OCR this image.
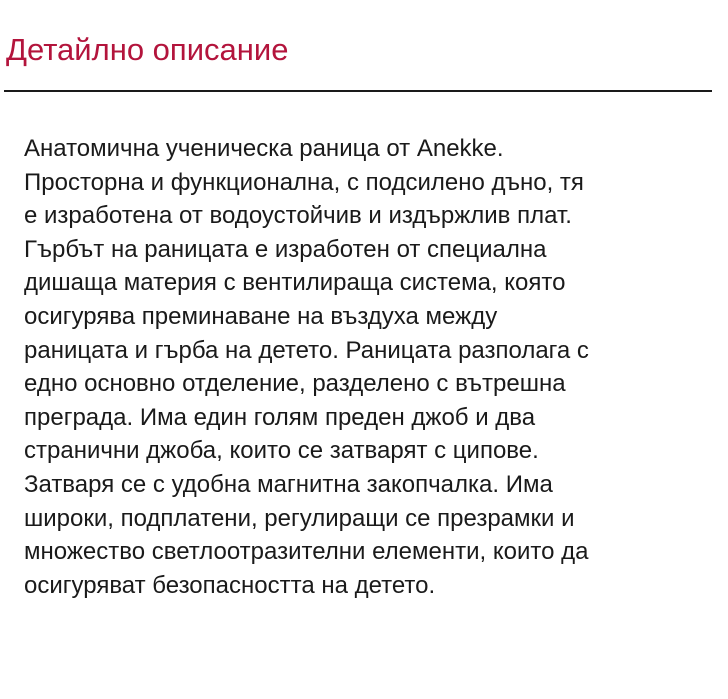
Детайлно описание

Анатомична ученическа раница от Anekke.
Просторна и функционална, с подсилено дъно, тя
е изработена от водоустойчив и издържлив плат.
Гърбът на раницата е изработен от специална
дишаща материя с вентилираща система, която
осигурява преминаване на въздуха между
раницата и гърба на детето. Раницата разполага с
едно основно отделение, разделено с вътрешна
преграда. Има един голям преден джоб и два
странични джоба, които се затварят с ципове.
Затваря се с удобна магнитна закопчалка. Има
широки, подплатени, регулиращи се презрамки и
множество светлоотразителни елементи, които да
осигуряват безопасността на детето.
